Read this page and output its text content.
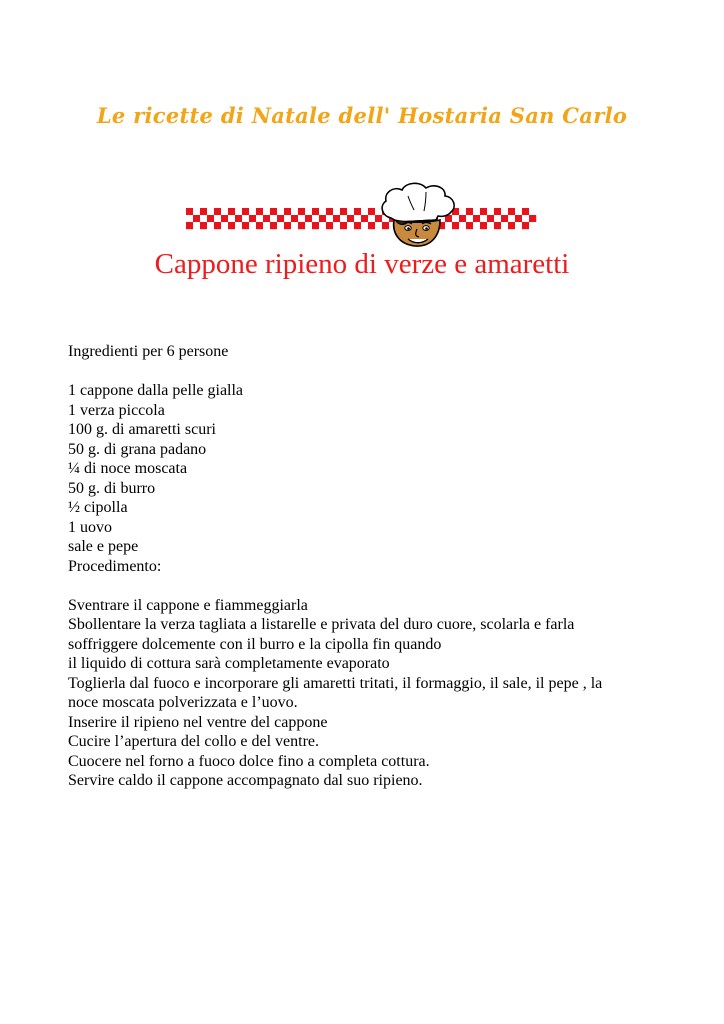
Le ricette di Natale dell' Hostaria San Carlo
Cappone ripieno di verze e amaretti
Ingredienti per 6 persone
1 cappone dalla pelle gialla
1 verza piccola
100 g. di amaretti scuri
50 g. di grana padano
¼ di noce moscata
50 g. di burro
½ cipolla
1 uovo
sale e pepe
Procedimento:
Sventrare il cappone e fiammeggiarla
Sbollentare la verza tagliata a listarelle e privata del duro cuore, scolarla e farla
soffriggere dolcemente con il burro e la cipolla fin quando
il liquido di cottura sarà completamente evaporato
Toglierla dal fuoco e incorporare gli amaretti tritati, il formaggio, il sale, il pepe , la
noce moscata polverizzata e l’uovo.
Inserire il ripieno nel ventre del cappone
Cucire l’apertura del collo e del ventre.
Cuocere nel forno a fuoco dolce fino a completa cottura.
Servire caldo il cappone accompagnato dal suo ripieno.
